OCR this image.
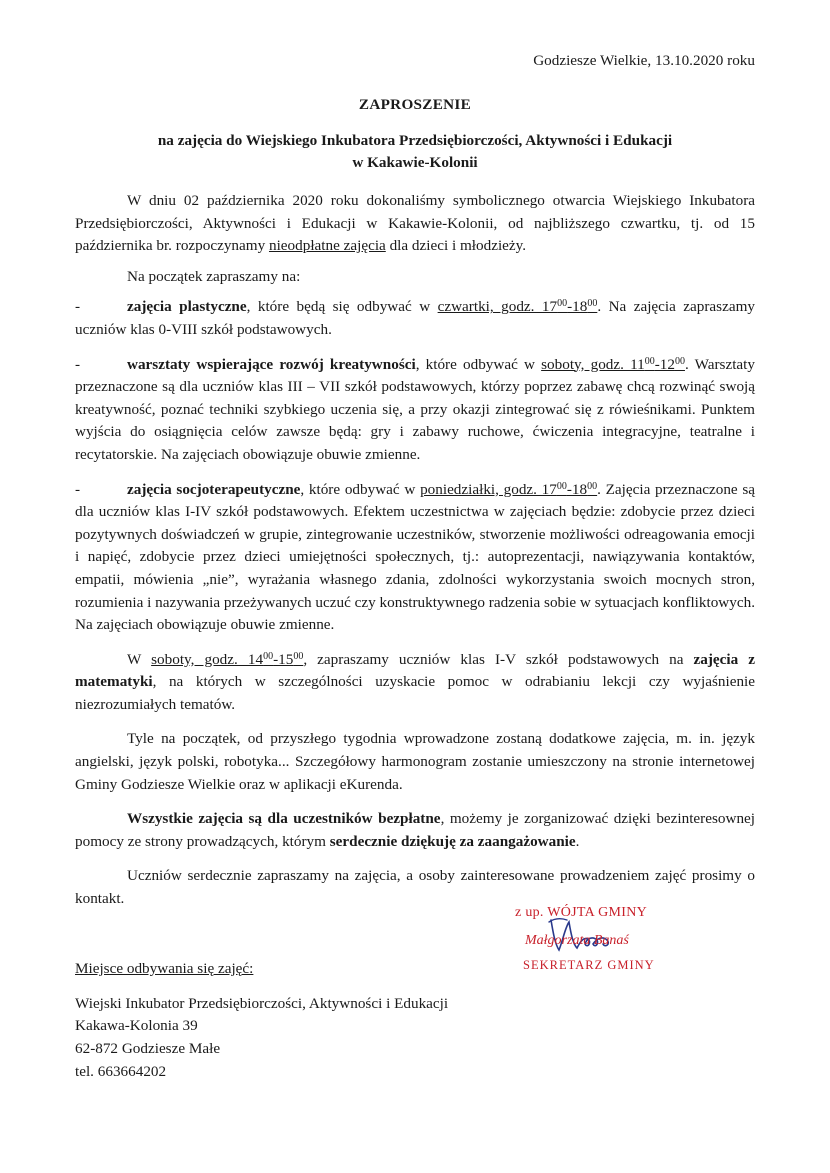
Godziesze Wielkie, 13.10.2020 roku
ZAPROSZENIE
na zajęcia do Wiejskiego Inkubatora Przedsiębiorczości, Aktywności i Edukacji
w Kakawie-Kolonii

W dniu 02 października 2020 roku dokonaliśmy symbolicznego otwarcia Wiejskiego Inkubatora Przedsiębiorczości, Aktywności i Edukacji w Kakawie-Kolonii, od najbliższego czwartku, tj. od 15 października br. rozpoczynamy nieodpłatne zajęcia dla dzieci i młodzieży.

Na początek zapraszamy na:

-	zajęcia plastyczne, które będą się odbywać w czwartki, godz. $17^{00}-18^{00}$. Na zajęcia zapraszamy uczniów klas 0-VIII szkół podstawowych.

-	warsztaty wspierające rozwój kreatywności, które odbywać w soboty, godz. $11^{00}-12^{00}$. Warsztaty przeznaczone są dla uczniów klas III – VII szkół podstawowych, którzy poprzez zabawę chcą rozwinąć swoją kreatywność, poznać techniki szybkiego uczenia się, a przy okazji zintegrować się z rówieśnikami. Punktem wyjścia do osiągnięcia celów zawsze będą: gry i zabawy ruchowe, ćwiczenia integracyjne, teatralne i recytatorskie. Na zajęciach obowiązuje obuwie zmienne.

-	zajęcia socjoterapeutyczne, które odbywać w poniedziałki, godz. $17^{00}-18^{00}$. Zajęcia przeznaczone są dla uczniów klas I-IV szkół podstawowych. Efektem uczestnictwa w zajęciach będzie: zdobycie przez dzieci pozytywnych doświadczeń w grupie, zintegrowanie uczestników, stworzenie możliwości odreagowania emocji i napięć, zdobycie przez dzieci umiejętności społecznych, tj.: autoprezentacji, nawiązywania kontaktów, empatii, mówienia „nie”, wyrażania własnego zdania, zdolności wykorzystania swoich mocnych stron, rozumienia i nazywania przeżywanych uczuć czy konstruktywnego radzenia sobie w sytuacjach konfliktowych. Na zajęciach obowiązuje obuwie zmienne.

W soboty, godz. $14^{00}-15^{00}$, zapraszamy uczniów klas I-V szkół podstawowych na zajęcia z matematyki, na których w szczególności uzyskacie pomoc w odrabianiu lekcji czy wyjaśnienie niezrozumiałych tematów.

Tyle na początek, od przyszłego tygodnia wprowadzone zostaną dodatkowe zajęcia, m. in. język angielski, język polski, robotyka... Szczegółowy harmonogram zostanie umieszczony na stronie internetowej Gminy Godziesze Wielkie oraz w aplikacji eKurenda.

Wszystkie zajęcia są dla uczestników bezpłatne, możemy je zorganizować dzięki bezinteresownej pomocy ze strony prowadzących, którym serdecznie dziękuję za zaangażowanie.

Uczniów serdecznie zapraszamy na zajęcia, a osoby zainteresowane prowadzeniem zajęć prosimy o kontakt.

z up. WÓJTA GMINY
Małgorzata Banaś
SEKRETARZ GMINY
Miejsce odbywania się zajęć:
Wiejski Inkubator Przedsiębiorczości, Aktywności i Edukacji
Kakawa-Kolonia 39
62-872 Godziesze Małe
tel. 663664202
